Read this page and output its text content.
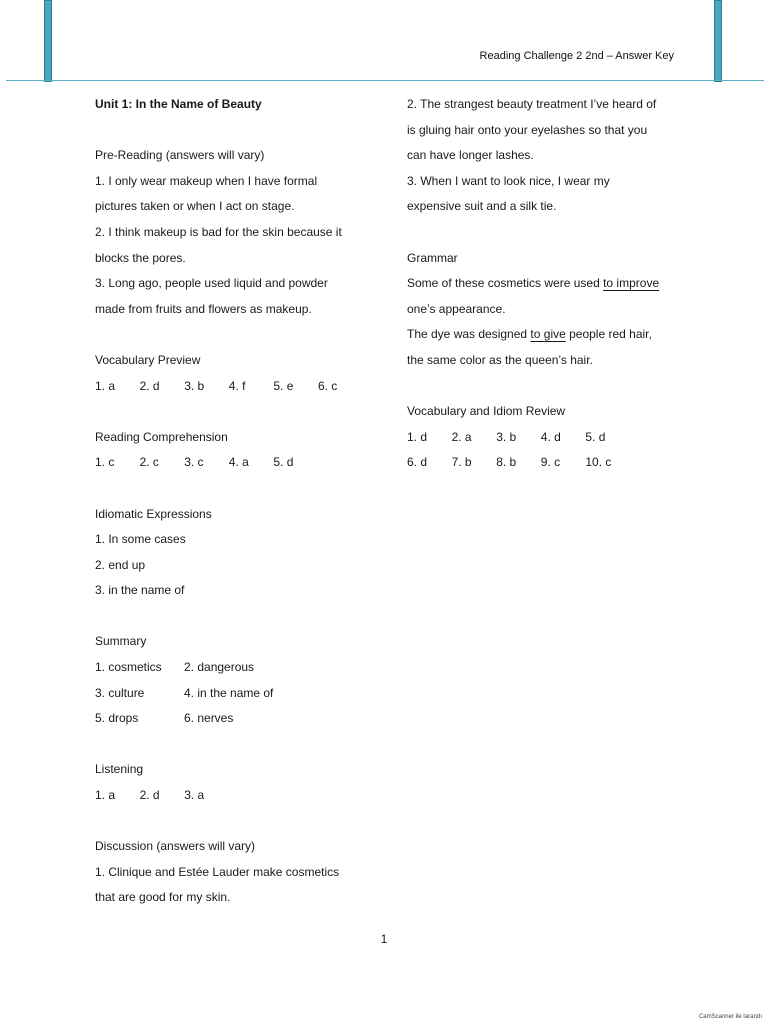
Reading Challenge 2 2nd – Answer Key
Unit 1: In the Name of Beauty
Pre-Reading (answers will vary)
1. I only wear makeup when I have formal
pictures taken or when I act on stage.
2. I think makeup is bad for the skin because it
blocks the pores.
3. Long ago, people used liquid and powder
made from fruits and flowers as makeup.
Vocabulary Preview
1. a	2. d	3. b	4. f	5. e	6. c
Reading Comprehension
1. c	2. c	3. c	4. a	5. d
Idiomatic Expressions
1. In some cases
2. end up
3. in the name of
Summary
1. cosmetics	2. dangerous
3. culture	4. in the name of
5. drops	6. nerves
Listening
1. a	2. d	3. a
Discussion (answers will vary)
1. Clinique and Estée Lauder make cosmetics
that are good for my skin.
2. The strangest beauty treatment I’ve heard of
is gluing hair onto your eyelashes so that you
can have longer lashes.
3. When I want to look nice, I wear my
expensive suit and a silk tie.
Grammar
Some of these cosmetics were used to improve
one’s appearance.
The dye was designed to give people red hair,
the same color as the queen’s hair.
Vocabulary and Idiom Review
1. d	2. a	3. b	4. d	5. d
6. d	7. b	8. b	9. c	10. c
1
CamScanner ile tarandı
